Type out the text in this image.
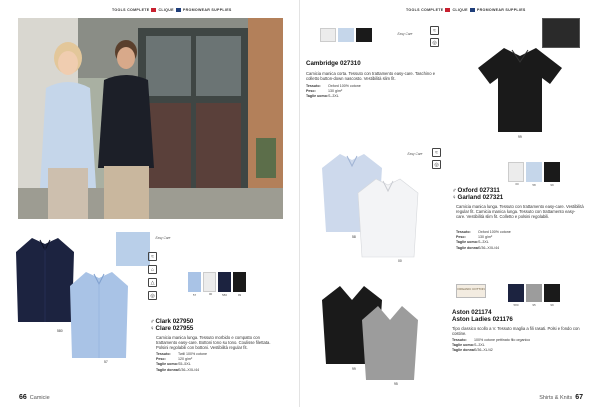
TOOLS COMPLETE	CLIQUE	PROMOWEAR SUPPLIES
580
57
Easy Care
≈
⌂
△
◎	57	00	580	99
♂Clark 027950
♀Clare 027955
Camicia manica lunga. Tessuto morbido e compatto con trattamento easy-care. Bottoni tono su tono. Coulisse filettata. Polsini regolabili con bottoni. Vestibilità regular fit.
Tessuto:	Twill 100% cotone
Peso:	120 g/m²
Taglie uomo: S5–5XL
Taglie donna:
S/36–XXL/44
66 Camicie
TOOLS COMPLETE	CLIQUE	PROMOWEAR SUPPLIES
Easy Care
≈
◎
Cambridge 027310
Camicia manica corta. Tessuto con trattamento easy-care. Taschino e colletto button-down nascosto. Vestibilità slim fit.
Tessuto:	Oxford 100% cotone
Peso:	130 g/m²
Taglie uomo: S–3XL
99
58
00
Easy Care	≈
◎
00	58	99
♂Oxford 027311
♀Garland 027321
Camicia manica lunga. Tessuto con trattamento easy-care. Vestibilità regular fit. Camicia manica lunga. Tessuto con trattamento easy-care. Vestibilità slim fit. Colletto e polsini regolabili.
Tessuto:	Oxford 100% cotone
Peso:	130 g/m²
Taglie uomo: S–3XL
Taglie donna:
S/36–XXL/44
99
95
ORGANIC COTTON
580	95	99
Aston 021174
Aston Ladies 021176
Tipo classico scollo a V. Tessuto maglia a fili rasati. Polsi e fondo con costine.
Tessuto:	100% cotone pettinato filo organico
Taglie uomo: S–3XL
Taglie donna:
S/36–XL/42
Shirts & Knits 67
